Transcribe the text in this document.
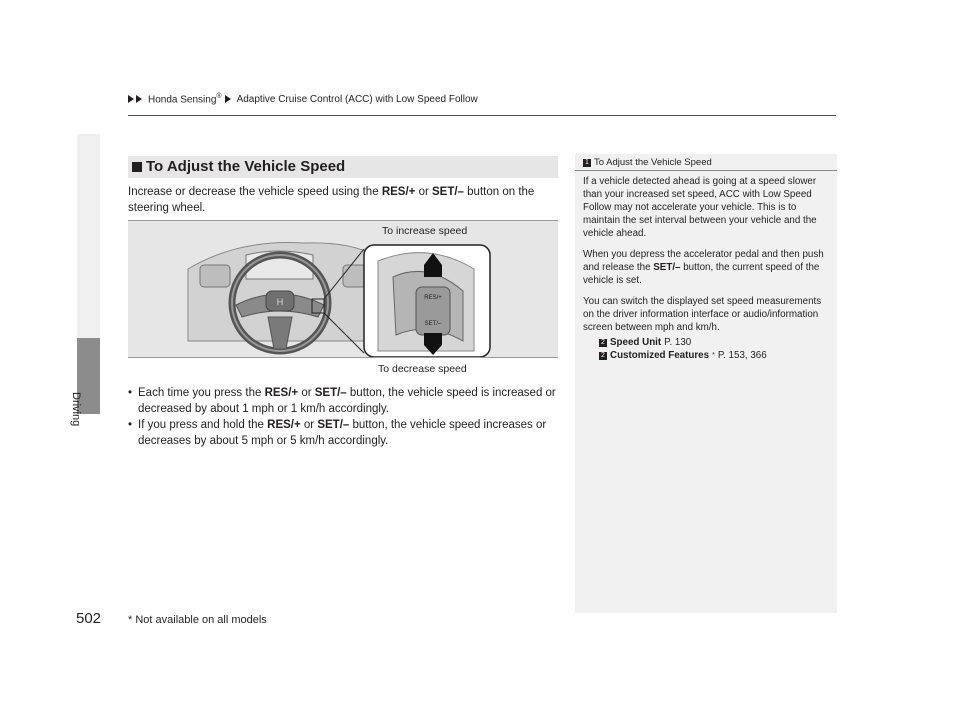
Honda Sensing® Adaptive Cruise Control (ACC) with Low Speed Follow
Driving
To Adjust the Vehicle Speed
Increase or decrease the vehicle speed using the RES/+ or SET/– button on the steering wheel.
H	RES/+
SET/–
To increase speed
To decrease speed
• Each time you press the RES/+ or SET/– button, the vehicle speed is increased or decreased by about 1 mph or 1 km/h accordingly.
• If you press and hold the RES/+ or SET/– button, the vehicle speed increases or decreases by about 5 mph or 5 km/h accordingly.
1 To Adjust the Vehicle Speed

If a vehicle detected ahead is going at a speed slower than your increased set speed, ACC with Low Speed Follow may not accelerate your vehicle. This is to maintain the set interval between your vehicle and the vehicle ahead.

When you depress the accelerator pedal and then push and release the SET/– button, the current speed of the vehicle is set.

You can switch the displayed set speed measurements on the driver information interface or audio/information screen between mph and km/h.

2 Speed Unit P. 130
2 Customized Features * P. 153, 366
502 * Not available on all models
